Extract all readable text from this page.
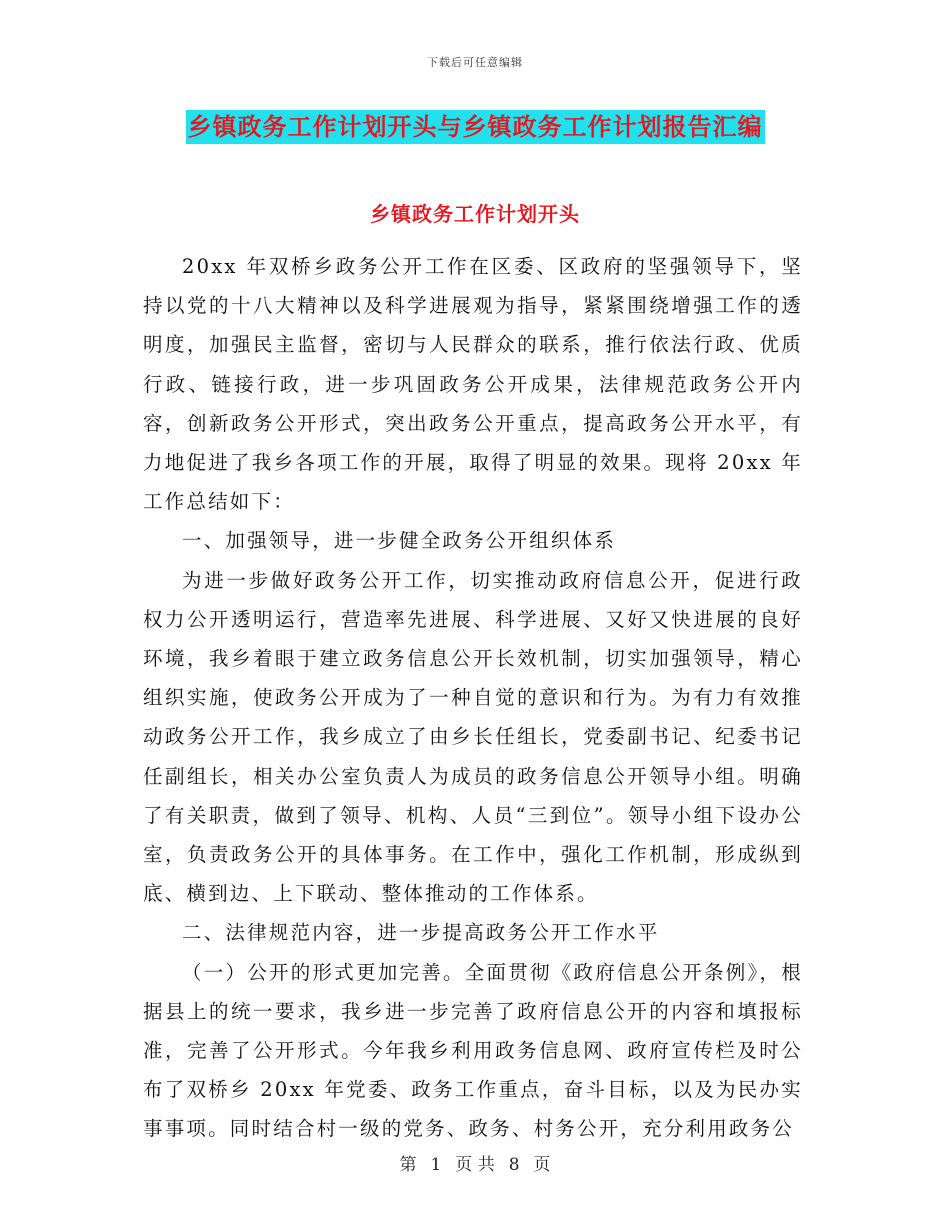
下载后可任意编辑
乡镇政务工作计划开头与乡镇政务工作计划报告汇编
乡镇政务工作计划开头

20xx 年双桥乡政务公开工作在区委、区政府的坚强领导下，坚持以党的十八大精神以及科学进展观为指导，紧紧围绕增强工作的透明度，加强民主监督，密切与人民群众的联系，推行依法行政、优质行政、链接行政，进一步巩固政务公开成果，法律规范政务公开内容，创新政务公开形式，突出政务公开重点，提高政务公开水平，有力地促进了我乡各项工作的开展，取得了明显的效果。现将 20xx 年工作总结如下：

一、加强领导，进一步健全政务公开组织体系

为进一步做好政务公开工作，切实推动政府信息公开，促进行政权力公开透明运行，营造率先进展、科学进展、又好又快进展的良好环境，我乡着眼于建立政务信息公开长效机制，切实加强领导，精心组织实施，使政务公开成为了一种自觉的意识和行为。为有力有效推动政务公开工作，我乡成立了由乡长任组长，党委副书记、纪委书记任副组长，相关办公室负责人为成员的政务信息公开领导小组。明确了有关职责，做到了领导、机构、人员“三到位”。领导小组下设办公室，负责政务公开的具体事务。在工作中，强化工作机制，形成纵到底、横到边、上下联动、整体推动的工作体系。

二、法律规范内容，进一步提高政务公开工作水平

（一）公开的形式更加完善。全面贯彻《政府信息公开条例》，根据县上的统一要求，我乡进一步完善了政府信息公开的内容和填报标准，完善了公开形式。今年我乡利用政务信息网、政府宣传栏及时公布了双桥乡 20xx 年党委、政务工作重点，奋斗目标，以及为民办实事事项。同时结合村一级的党务、政务、村务公开，充分利用政务公

第 1 页 共 8 页
